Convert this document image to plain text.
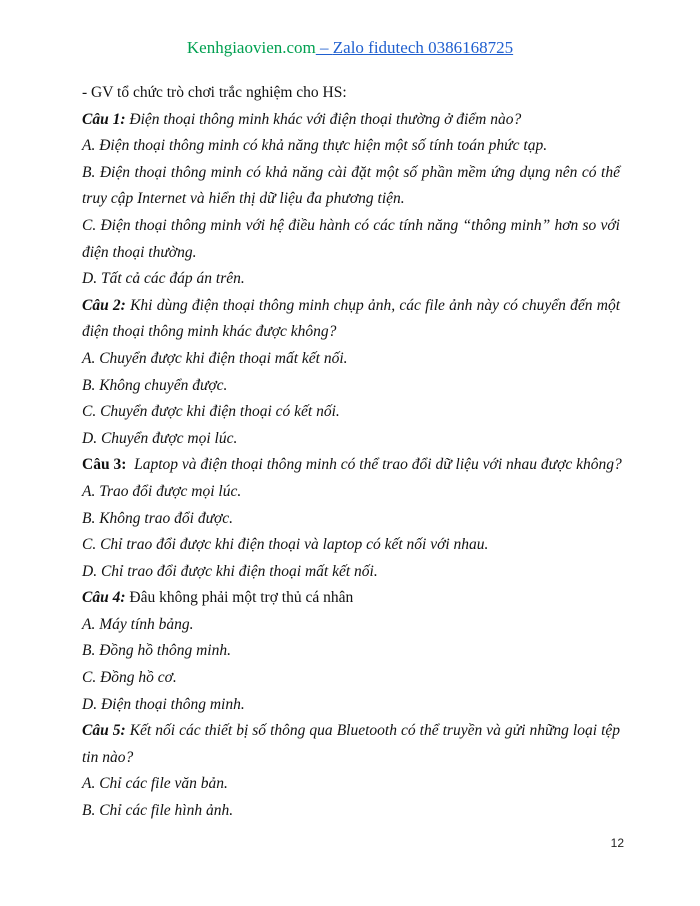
Kenhgiaovien.com – Zalo fidutech 0386168725
- GV tổ chức trò chơi trắc nghiệm cho HS:
Câu 1: Điện thoại thông minh khác với điện thoại thường ở điểm nào?
A. Điện thoại thông minh có khả năng thực hiện một số tính toán phức tạp.
B. Điện thoại thông minh có khả năng cài đặt một số phần mềm ứng dụng nên có thể
truy cập Internet và hiển thị dữ liệu đa phương tiện.
C. Điện thoại thông minh với hệ điều hành có các tính năng “thông minh” hơn so với
điện thoại thường.
D. Tất cả các đáp án trên.
Câu 2: Khi dùng điện thoại thông minh chụp ảnh, các file ảnh này có chuyển đến một
điện thoại thông minh khác được không?
A. Chuyển được khi điện thoại mất kết nối.
B. Không chuyển được.
C. Chuyển được khi điện thoại có kết nối.
D. Chuyển được mọi lúc.
Câu 3:  Laptop và điện thoại thông minh có thể trao đổi dữ liệu với nhau được không?
A. Trao đổi được mọi lúc.
B. Không trao đổi được.
C. Chỉ trao đổi được khi điện thoại và laptop có kết nối với nhau.
D. Chỉ trao đổi được khi điện thoại mất kết nối.
Câu 4: Đâu không phải một trợ thủ cá nhân
A. Máy tính bảng.
B. Đồng hồ thông minh.
C. Đồng hồ cơ.
D. Điện thoại thông minh.
Câu 5: Kết nối các thiết bị số thông qua Bluetooth có thể truyền và gửi những loại tệp
tin nào?
A. Chỉ các file văn bản.
B. Chỉ các file hình ảnh.
12
